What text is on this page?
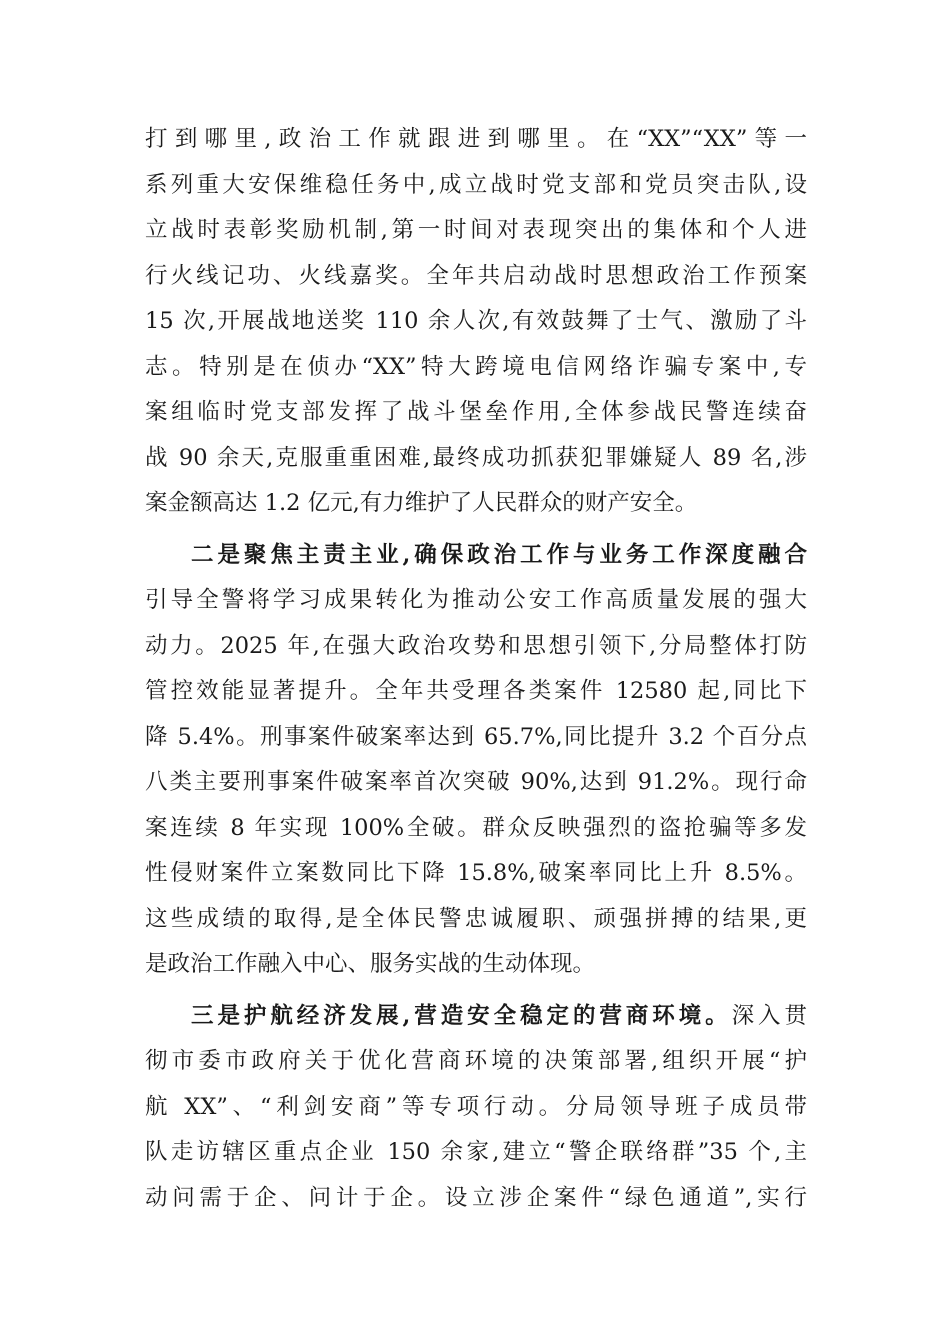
打到哪里,政治工作就跟进到哪里。在“XX”“XX”等一
系列重大安保维稳任务中,成立战时党支部和党员突击队,设
立战时表彰奖励机制,第一时间对表现突出的集体和个人进
行火线记功、火线嘉奖。全年共启动战时思想政治工作预案
15 次,开展战地送奖 110 余人次,有效鼓舞了士气、激励了斗
志。特别是在侦办“XX”特大跨境电信网络诈骗专案中,专
案组临时党支部发挥了战斗堡垒作用,全体参战民警连续奋
战 90 余天,克服重重困难,最终成功抓获犯罪嫌疑人 89 名,涉
案金额高达 1.2 亿元,有力维护了人民群众的财产安全。
二是聚焦主责主业,确保政治工作与业务工作深度融合
引导全警将学习成果转化为推动公安工作高质量发展的强大
动力。2025 年,在强大政治攻势和思想引领下,分局整体打防
管控效能显著提升。全年共受理各类案件 12580 起,同比下
降 5.4%。刑事案件破案率达到 65.7%,同比提升 3.2 个百分点
八类主要刑事案件破案率首次突破 90%,达到 91.2%。现行命
案连续 8 年实现 100%全破。群众反映强烈的盗抢骗等多发
性侵财案件立案数同比下降 15.8%,破案率同比上升 8.5%。
这些成绩的取得,是全体民警忠诚履职、顽强拼搏的结果,更
是政治工作融入中心、服务实战的生动体现。
三是护航经济发展,营造安全稳定的营商环境。深入贯
彻市委市政府关于优化营商环境的决策部署,组织开展“护
航 XX”、“利剑安商”等专项行动。分局领导班子成员带
队走访辖区重点企业 150 余家,建立“警企联络群”35 个,主
动问需于企、问计于企。设立涉企案件“绿色通道”,实行
